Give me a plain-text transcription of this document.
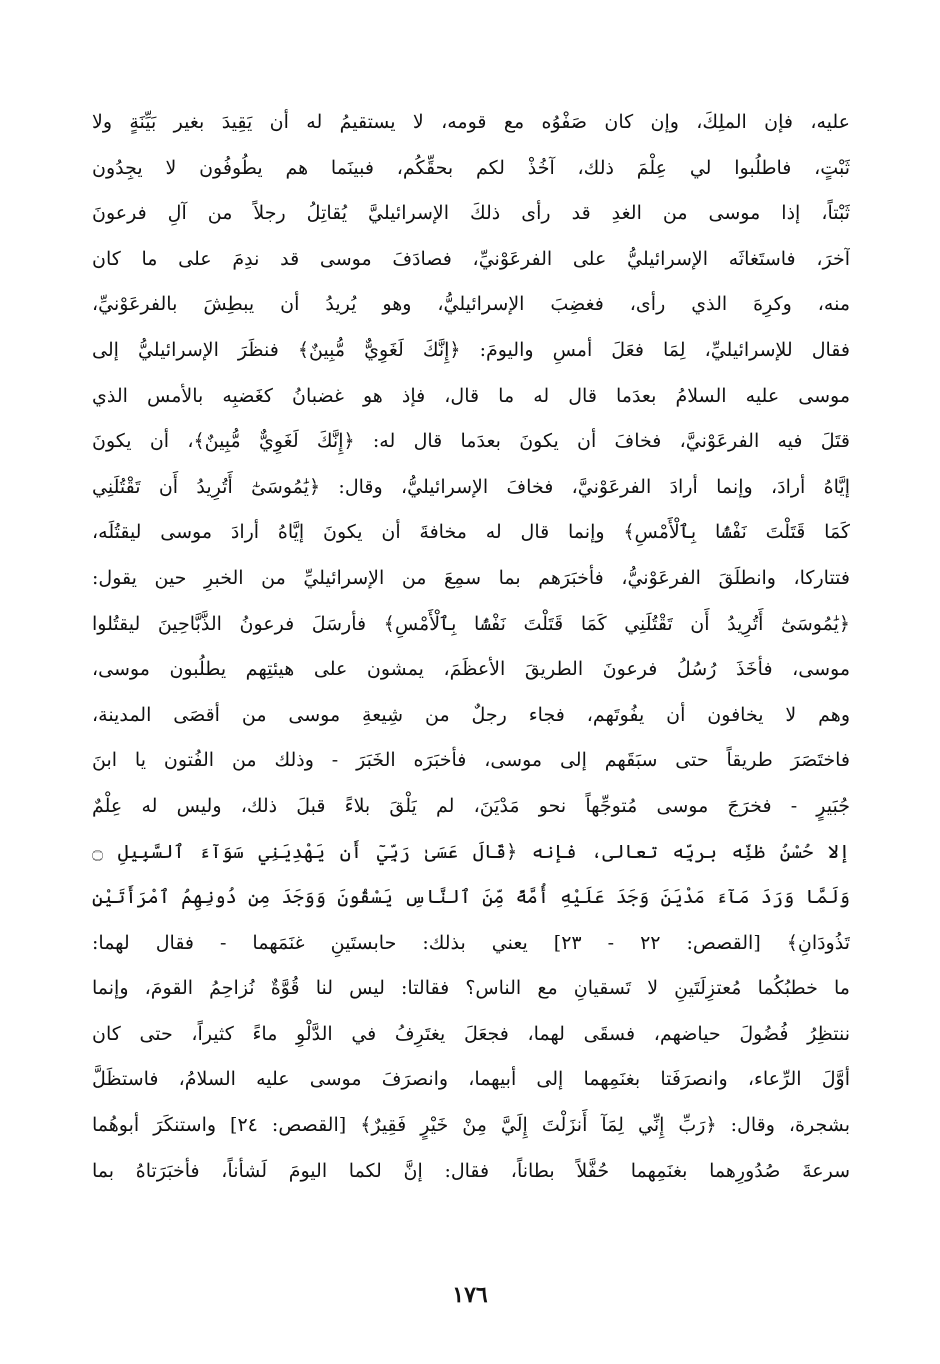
عليه، فإن الملِكَ، وإن كان صَفْوُه مع قومه، لا يستقيمُ له أن يَقِيدَ بغير بَيِّنَةٍ ولا
ثَبْتٍ، فاطلُبوا لي عِلْمَ ذلك، آخُذْ لكم بحقِّكُم، فبينَما هم يطُوفُون لا يجِدُون
ثَبْتاً، إذا موسى من الغدِ قد رأى ذلكَ الإسرائيليَّ يُقاتِلُ رجلاً من آلِ فرعونَ
آخرَ، فاستَغاثَه الإسرائيليُّ على الفرعَوْنيِّ، فصادَفَ موسى قد ندِمَ على ما كان
منه، وكرِهَ الذي رأى، فغضِبَ الإسرائيليُّ، وهو يُريدُ أن يبطِشَ بالفرعَوْنيِّ،
فقال للإسرائيليِّ، لِمَا فعَلَ أمسِ واليومَ: ﴿إِنَّكَ لَغَوِيٌّ مُّبِينٌ﴾ فنظَرَ الإسرائيليُّ إلى
موسى عليه السلامُ بعدَما قال له ما قال، فإذ هو غضبانُ كغَضبِه بالأمس الذي
قتَلَ فيه الفرعَوْنيَّ، فخافَ أن يكونَ بعدَما قال له: ﴿إِنَّكَ لَغَوِيٌّ مُّبِينٌ﴾، أن يكونَ
إيَّاهُ أرادَ، وإنما أرادَ الفرعَوْنيَّ، فخافَ الإسرائيليُّ، وقال: ﴿يَٰمُوسَىٰٓ أَتُرِيدُ أَن تَقْتُلَنِي
كَمَا قَتَلْتَ نَفْسًۢا بِٱلْأَمْسِ﴾ وإنما قال له مخافةَ أن يكونَ إيَّاهُ أرادَ موسى ليقتُلَه،
فتتاركا، وانطلَقَ الفرعَوْنيُّ، فأخبَرَهم بما سمِعَ من الإسرائيليِّ من الخبرِ حين يقول:
﴿يَٰمُوسَىٰٓ أَتُرِيدُ أَن تَقْتُلَنِي كَمَا قَتَلْتَ نَفْسًۢا بِٱلْأَمْسِ﴾ فأرسَلَ فرعونُ الذَّبَّاحِينَ ليقتُلوا
موسى، فأخَذَ رُسُلُ فرعونَ الطريقَ الأعظَمَ، يمشون على هيئتِهم يطلُبون موسى،
وهم لا يخافون أن يفُوتَهم، فجاء رجلٌ من شِيعةِ موسى من أقصَى المدينة،
فاختَصَرَ طريقاً حتى سبَقَهم إلى موسى، فأخبَرَه الخَبَرَ - وذلك من الفُتون يا ابنَ
جُبَيرٍ - فخرَجَ موسى مُتوجِّهاً نحو مَدْيَنَ، لم يَلْقَ بلاءً قبلَ ذلك، وليس له عِلْمٌ
إلا حُسْنُ ظنِّه بربِّه تعالى، فإنه ﴿قَالَ عَسَىٰ رَبِّيٓ أَن يَهْدِيَنِي سَوَآءَ ٱلسَّبِيلِ ۝
وَلَمَّا وَرَدَ مَآءَ مَدْيَنَ وَجَدَ عَلَيْهِ أُمَّةً مِّنَ ٱلنَّاسِ يَسْقُونَ وَوَجَدَ مِن دُونِهِمُ ٱمْرَأَتَيْنِ
تَذُودَانِ﴾ [القصص: ٢٢ - ٢٣] يعني بذلك: حابستَينِ غنَمَهما - فقال لهما:
ما خطبُكُما مُعتزِلَتَينِ لا تَسقيانِ مع الناس؟ فقالتا: ليس لنا قُوَّةٌ نُزاحِمُ القومَ، وإنما
ننتظِرُ فُضُولَ حياضهم، فسقَى لهما، فجعَلَ يغتَرِفُ في الدَّلْوِ ماءً كثيراً، حتى كان
أوَّلَ الرِّعاء، وانصرَفَتا بغنَمِهما إلى أبيهما، وانصرَفَ موسى عليه السلامُ، فاستظَلَّ
بشجرة، وقال: ﴿رَبِّ إِنِّي لِمَآ أَنزَلْتَ إِلَيَّ مِنْ خَيْرٍ فَقِيرٌ﴾ [القصص: ٢٤] واستنكَرَ أبوهُما
سرعةَ صُدُورِهما بغنَمِهما حُفَّلاً بطاناً، فقال: إنَّ لكما اليومَ لَشأناً، فأخبَرَتاهُ بما
١٧٦
